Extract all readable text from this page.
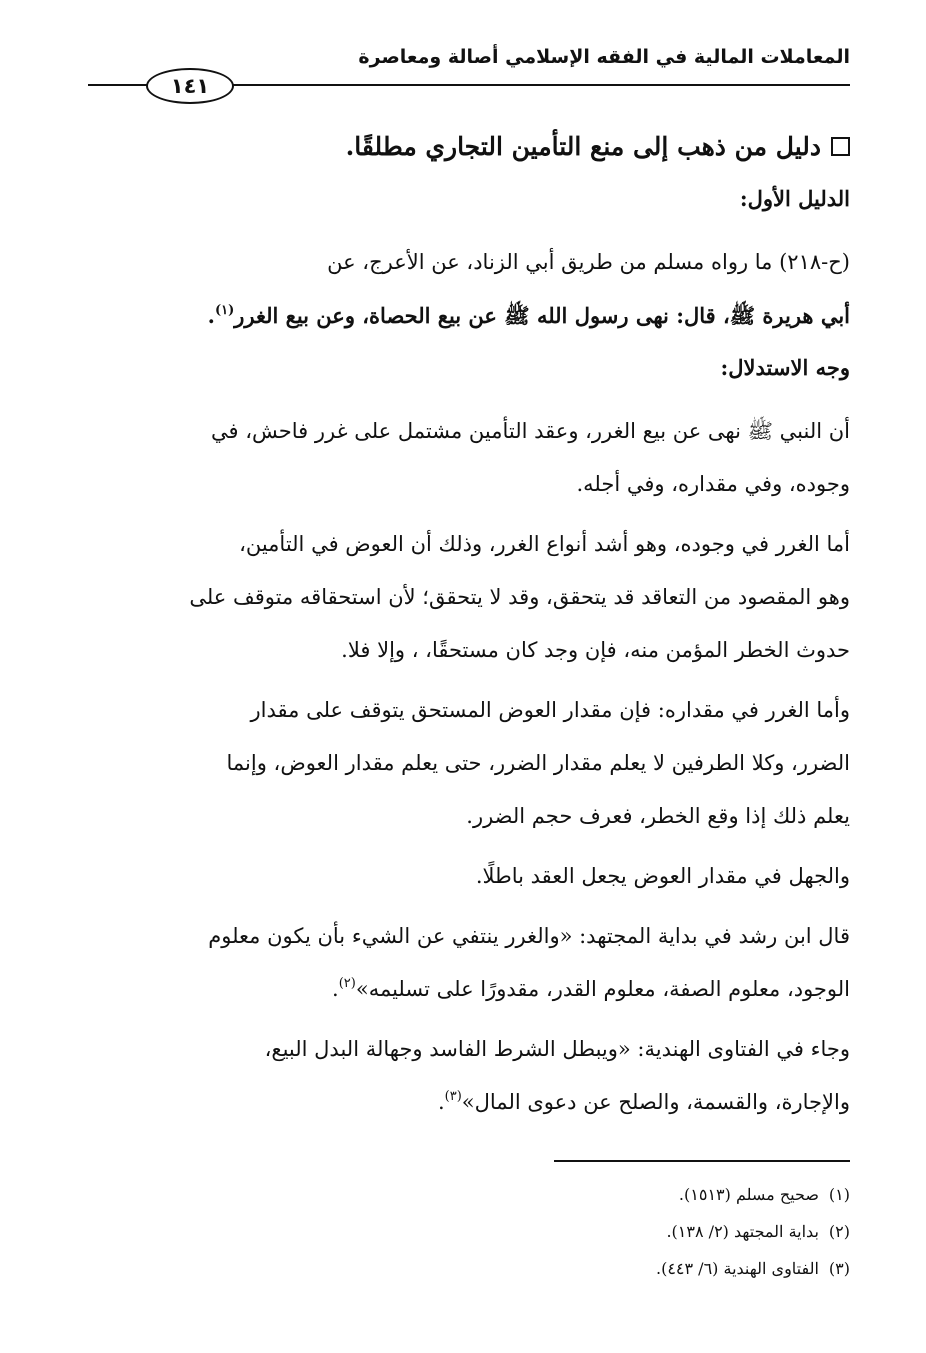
المعاملات المالية في الفقه الإسلامي أصالة ومعاصرة
١٤١
دليل من ذهب إلى منع التأمين التجاري مطلقًا.
الدليل الأول:
(ح-٢١٨) ما رواه مسلم من طريق أبي الزناد، عن الأعرج، عن
أبي هريرة ﷺ، قال: نهى رسول الله ﷺ عن بيع الحصاة، وعن بيع الغرر$^{(١)}$.
وجه الاستدلال:
أن النبي ﷺ نهى عن بيع الغرر، وعقد التأمين مشتمل على غرر فاحش، في
وجوده، وفي مقداره، وفي أجله.
أما الغرر في وجوده، وهو أشد أنواع الغرر، وذلك أن العوض في التأمين،
وهو المقصود من التعاقد قد يتحقق، وقد لا يتحقق؛ لأن استحقاقه متوقف على
حدوث الخطر المؤمن منه، فإن وجد كان مستحقًا، ، وإلا فلا.
وأما الغرر في مقداره: فإن مقدار العوض المستحق يتوقف على مقدار
الضرر، وكلا الطرفين لا يعلم مقدار الضرر، حتى يعلم مقدار العوض، وإنما
يعلم ذلك إذا وقع الخطر، فعرف حجم الضرر.
والجهل في مقدار العوض يجعل العقد باطلًا.
قال ابن رشد في بداية المجتهد: «والغرر ينتفي عن الشيء بأن يكون معلوم
الوجود، معلوم الصفة، معلوم القدر، مقدورًا على تسليمه»$^{(٢)}$.
وجاء في الفتاوى الهندية: «ويبطل الشرط الفاسد وجهالة البدل البيع،
والإجارة، والقسمة، والصلح عن دعوى المال»$^{(٣)}$.
(١)صحيح مسلم (١٥١٣).
(٢)بداية المجتهد (٢/ ١٣٨).
(٣)الفتاوى الهندية (٦/ ٤٤٣).
